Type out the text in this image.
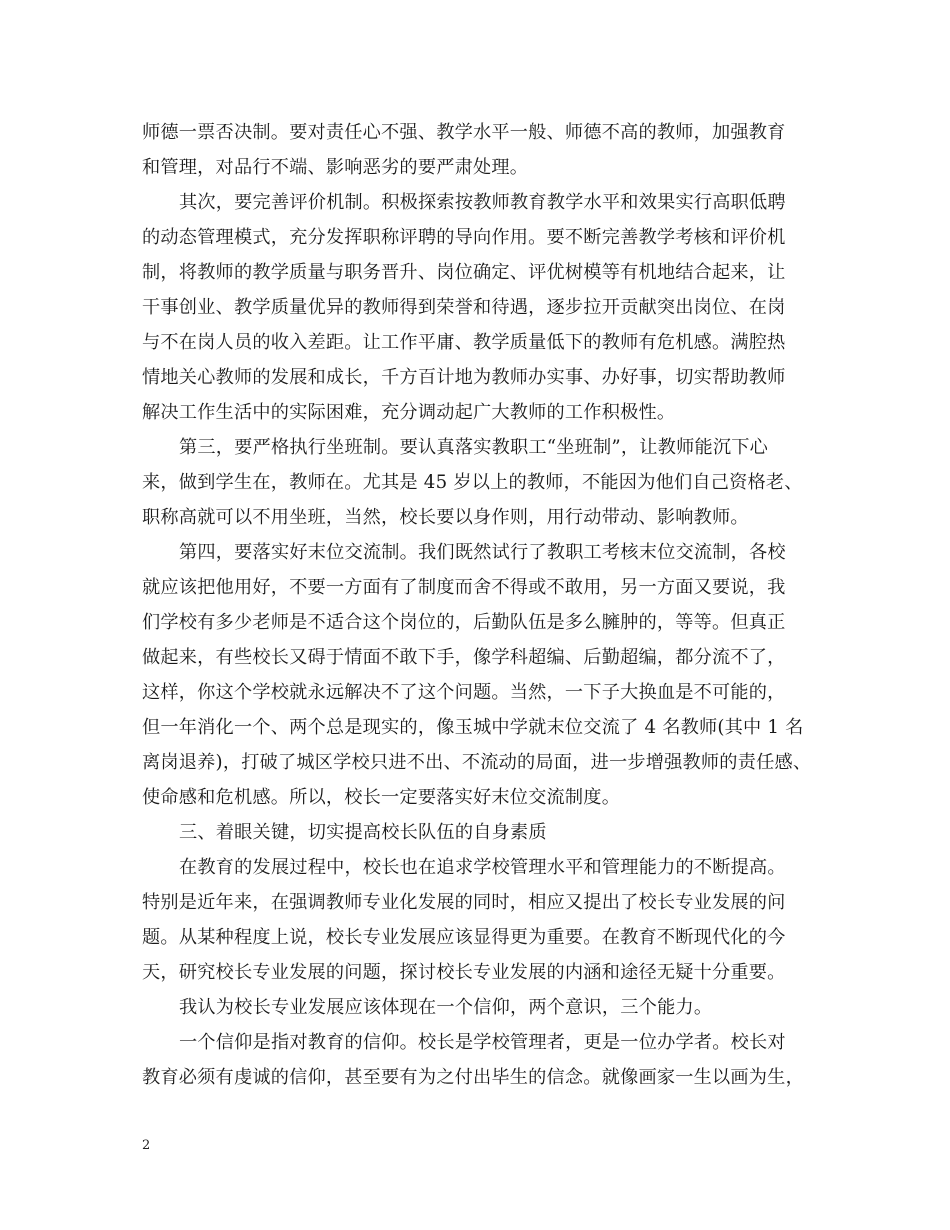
师德一票否决制。要对责任心不强、教学水平一般、师德不高的教师，加强教育
和管理，对品行不端、影响恶劣的要严肃处理。
其次，要完善评价机制。积极探索按教师教育教学水平和效果实行高职低聘
的动态管理模式，充分发挥职称评聘的导向作用。要不断完善教学考核和评价机
制，将教师的教学质量与职务晋升、岗位确定、评优树模等有机地结合起来，让
干事创业、教学质量优异的教师得到荣誉和待遇，逐步拉开贡献突出岗位、在岗
与不在岗人员的收入差距。让工作平庸、教学质量低下的教师有危机感。满腔热
情地关心教师的发展和成长，千方百计地为教师办实事、办好事，切实帮助教师
解决工作生活中的实际困难，充分调动起广大教师的工作积极性。
第三，要严格执行坐班制。要认真落实教职工“坐班制”，让教师能沉下心
来，做到学生在，教师在。尤其是 45 岁以上的教师，不能因为他们自己资格老、
职称高就可以不用坐班，当然，校长要以身作则，用行动带动、影响教师。
第四，要落实好末位交流制。我们既然试行了教职工考核末位交流制，各校
就应该把他用好，不要一方面有了制度而舍不得或不敢用，另一方面又要说，我
们学校有多少老师是不适合这个岗位的，后勤队伍是多么臃肿的，等等。但真正
做起来，有些校长又碍于情面不敢下手，像学科超编、后勤超编，都分流不了，
这样，你这个学校就永远解决不了这个问题。当然，一下子大换血是不可能的，
但一年消化一个、两个总是现实的，像玉城中学就末位交流了 4 名教师(其中 1 名
离岗退养)，打破了城区学校只进不出、不流动的局面，进一步增强教师的责任感、
使命感和危机感。所以，校长一定要落实好末位交流制度。
三、着眼关键，切实提高校长队伍的自身素质
在教育的发展过程中，校长也在追求学校管理水平和管理能力的不断提高。
特别是近年来，在强调教师专业化发展的同时，相应又提出了校长专业发展的问
题。从某种程度上说，校长专业发展应该显得更为重要。在教育不断现代化的今
天，研究校长专业发展的问题，探讨校长专业发展的内涵和途径无疑十分重要。
我认为校长专业发展应该体现在一个信仰，两个意识，三个能力。
一个信仰是指对教育的信仰。校长是学校管理者，更是一位办学者。校长对
教育必须有虔诚的信仰，甚至要有为之付出毕生的信念。就像画家一生以画为生，
2
